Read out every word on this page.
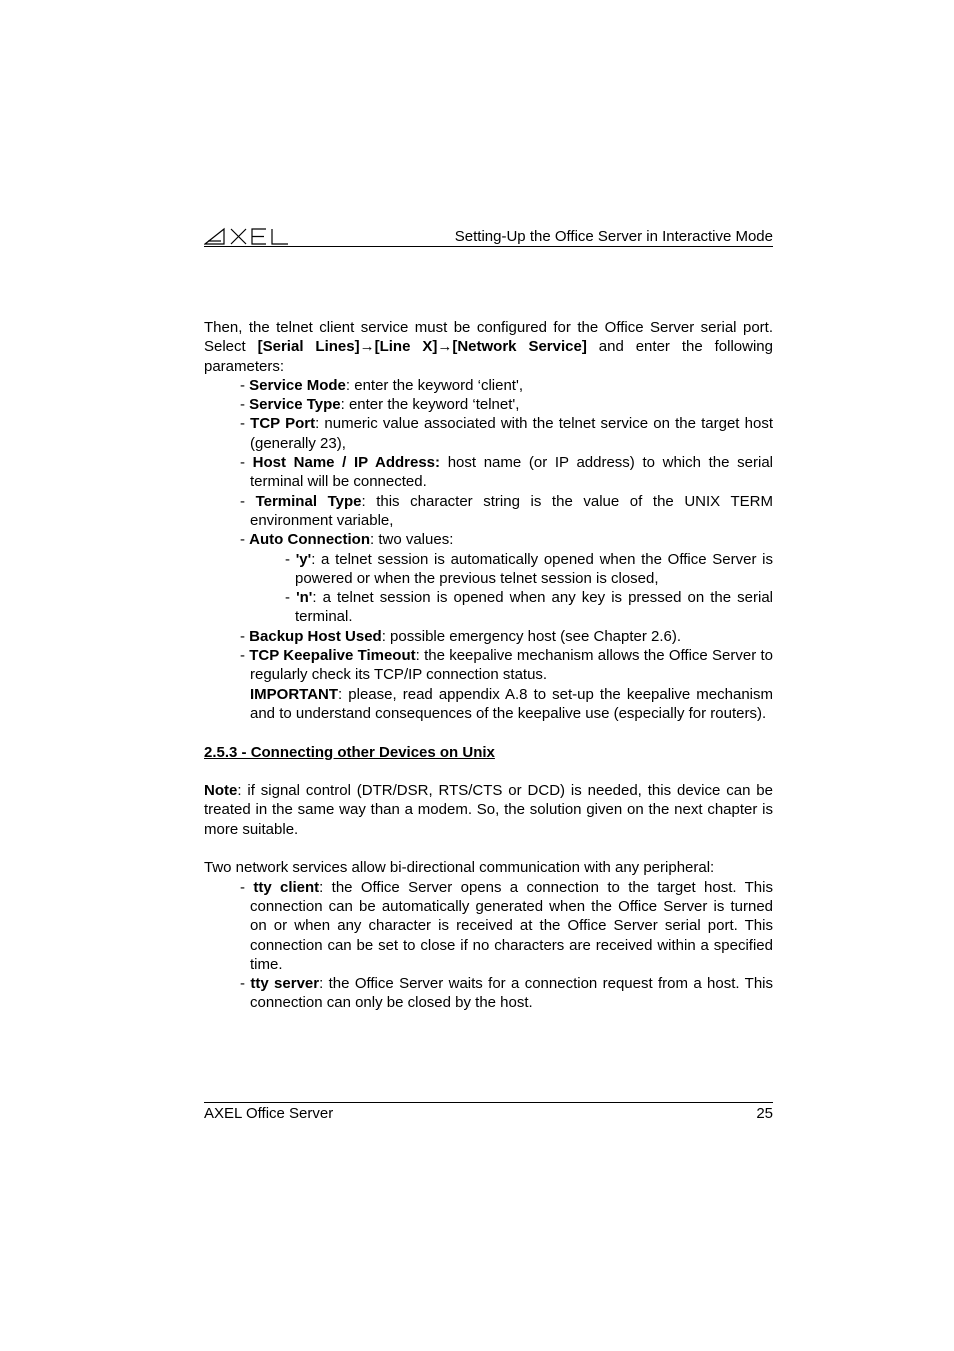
Setting-Up the Office Server in Interactive Mode

Then, the telnet client service must be configured for the Office Server serial port. Select [Serial Lines]→[Line X]→[Network Service] and enter the following parameters:

- Service Mode: enter the keyword ‘client',

- Service Type: enter the keyword ‘telnet',

- TCP Port: numeric value associated with the telnet service on the target host (generally 23),

- Host Name / IP Address: host name (or IP address) to which the serial terminal will be connected.

- Terminal Type: this character string is the value of the UNIX TERM environment variable,

- Auto Connection: two values:

- 'y': a telnet session is automatically opened when the Office Server is powered or when the previous telnet session is closed,

- 'n': a telnet session is opened when any key is pressed on the serial terminal.

- Backup Host Used: possible emergency host (see Chapter 2.6).

- TCP Keepalive Timeout: the keepalive mechanism allows the Office Server to regularly check its TCP/IP connection status.

IMPORTANT: please, read appendix A.8 to set-up the keepalive mechanism and to understand consequences of the keepalive use (especially for routers).

2.5.3 - Connecting other Devices on Unix

Note: if signal control (DTR/DSR, RTS/CTS or DCD) is needed, this device can be treated in the same way than a modem. So, the solution given on the next chapter is more suitable.

Two network services allow bi-directional communication with any peripheral:

- tty client: the Office Server opens a connection to the target host. This connection can be automatically generated when the Office Server is turned on or when any character is received at the Office Server serial port. This connection can be set to close if no characters are received within a specified time.

- tty server: the Office Server waits for a connection request from a host. This connection can only be closed by the host.

AXEL Office Server	25
